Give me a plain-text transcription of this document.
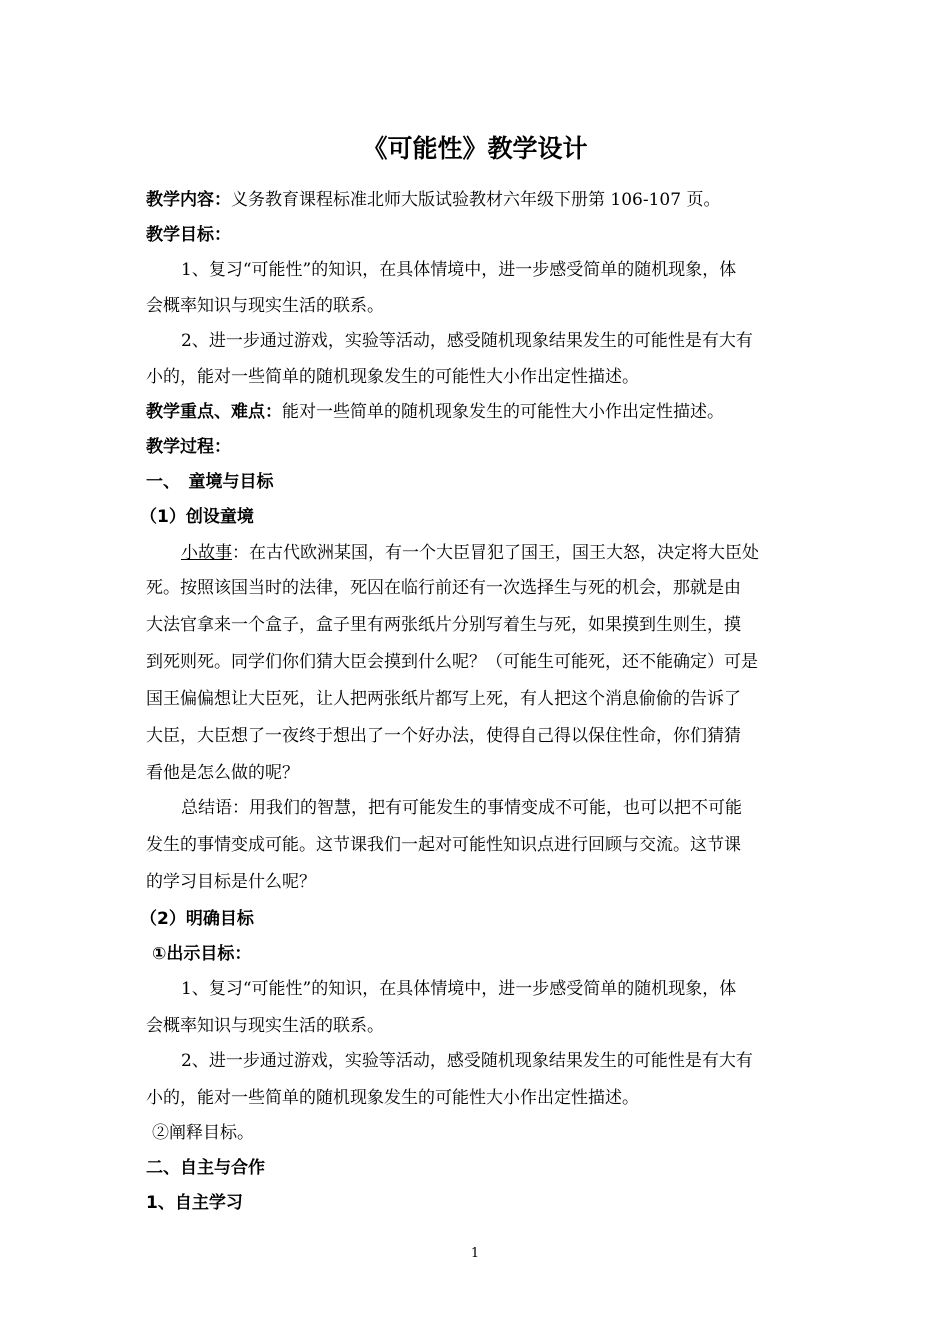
《可能性》教学设计
教学内容：义务教育课程标准北师大版试验教材六年级下册第 106-107 页。
教学目标：
1、复习“可能性”的知识，在具体情境中，进一步感受简单的随机现象，体
会概率知识与现实生活的联系。
2、进一步通过游戏，实验等活动，感受随机现象结果发生的可能性是有大有
小的，能对一些简单的随机现象发生的可能性大小作出定性描述。
教学重点、难点：能对一些简单的随机现象发生的可能性大小作出定性描述。
教学过程：
一、　童境与目标
（1）创设童境
小故事：在古代欧洲某国，有一个大臣冒犯了国王，国王大怒，决定将大臣处
死。按照该国当时的法律，死囚在临行前还有一次选择生与死的机会，那就是由
大法官拿来一个盒子，盒子里有两张纸片分别写着生与死，如果摸到生则生，摸
到死则死。同学们你们猜大臣会摸到什么呢？（可能生可能死，还不能确定）可是
国王偏偏想让大臣死，让人把两张纸片都写上死，有人把这个消息偷偷的告诉了
大臣，大臣想了一夜终于想出了一个好办法，使得自己得以保住性命，你们猜猜
看他是怎么做的呢？
总结语：用我们的智慧，把有可能发生的事情变成不可能，也可以把不可能
发生的事情变成可能。这节课我们一起对可能性知识点进行回顾与交流。这节课
的学习目标是什么呢？
（2）明确目标
①出示目标：
1、复习“可能性”的知识，在具体情境中，进一步感受简单的随机现象，体
会概率知识与现实生活的联系。
2、进一步通过游戏，实验等活动，感受随机现象结果发生的可能性是有大有
小的，能对一些简单的随机现象发生的可能性大小作出定性描述。
②阐释目标。
二、自主与合作
1、自主学习
1
